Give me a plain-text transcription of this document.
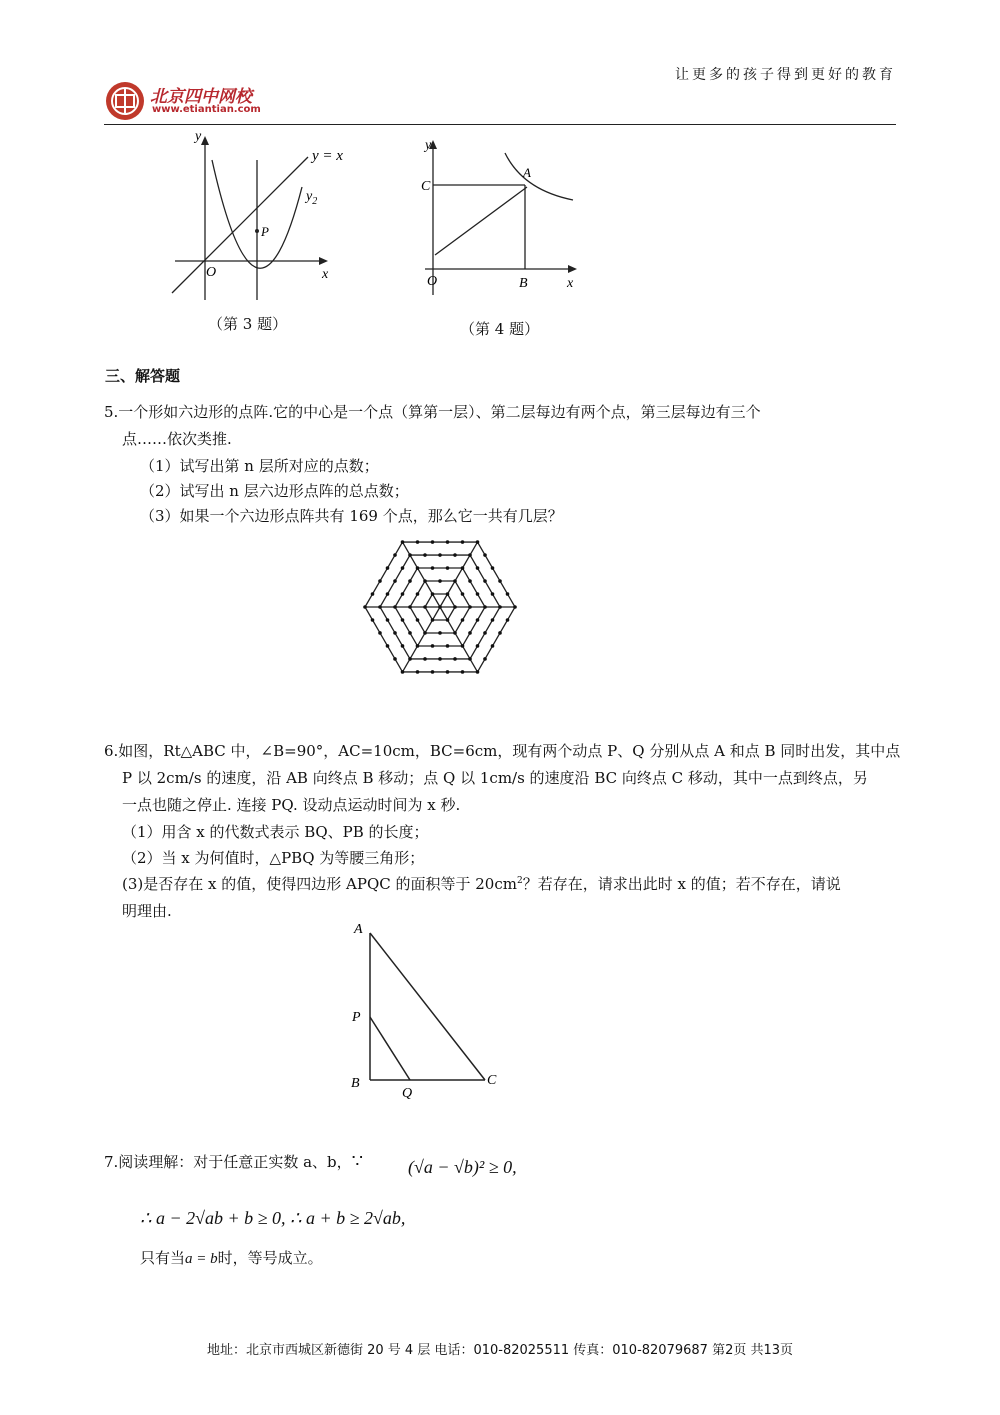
让更多的孩子得到更好的教育
北京四中网校
www.etiantian.com
y
x
O
y = x
$y_2$
P
（第 3 题）
y
x
O
A
B
C
（第 4 题）
三、解答题
5.一个形如六边形的点阵.它的中心是一个点（算第一层）、第二层每边有两个点，第三层每边有三个
点……依次类推.
（1）试写出第 n 层所对应的点数；
（2）试写出 n 层六边形点阵的总点数；
（3）如果一个六边形点阵共有 169 个点，那么它一共有几层？
6.如图，Rt△ABC 中，∠B=90°，AC=10cm，BC=6cm，现有两个动点 P、Q 分别从点 A 和点 B 同时出发，其中点
P 以 2cm/s 的速度，沿 AB 向终点 B 移动；点 Q 以 1cm/s 的速度沿 BC 向终点 C 移动，其中一点到终点，另
一点也随之停止. 连接 PQ. 设动点运动时间为 x 秒.
（1）用含 x 的代数式表示 BQ、PB 的长度；
（2）当 x 为何值时，△PBQ 为等腰三角形；
(3)是否存在 x 的值，使得四边形 APQC 的面积等于 $20cm^2$？若存在，请求出此时 x 的值；若不存在，请说
明理由.
A
P
B
Q
C
7.阅读理解：对于任意正实数 a、b，∵ (√a − √b)² ≥ 0,
∴ a − 2√ab + b ≥ 0, ∴ a + b ≥ 2√ab,
只有当a = b时，等号成立。
地址：北京市西城区新德街 20 号 4 层 电话：010-82025511 传真：010-82079687 第2页 共13页
